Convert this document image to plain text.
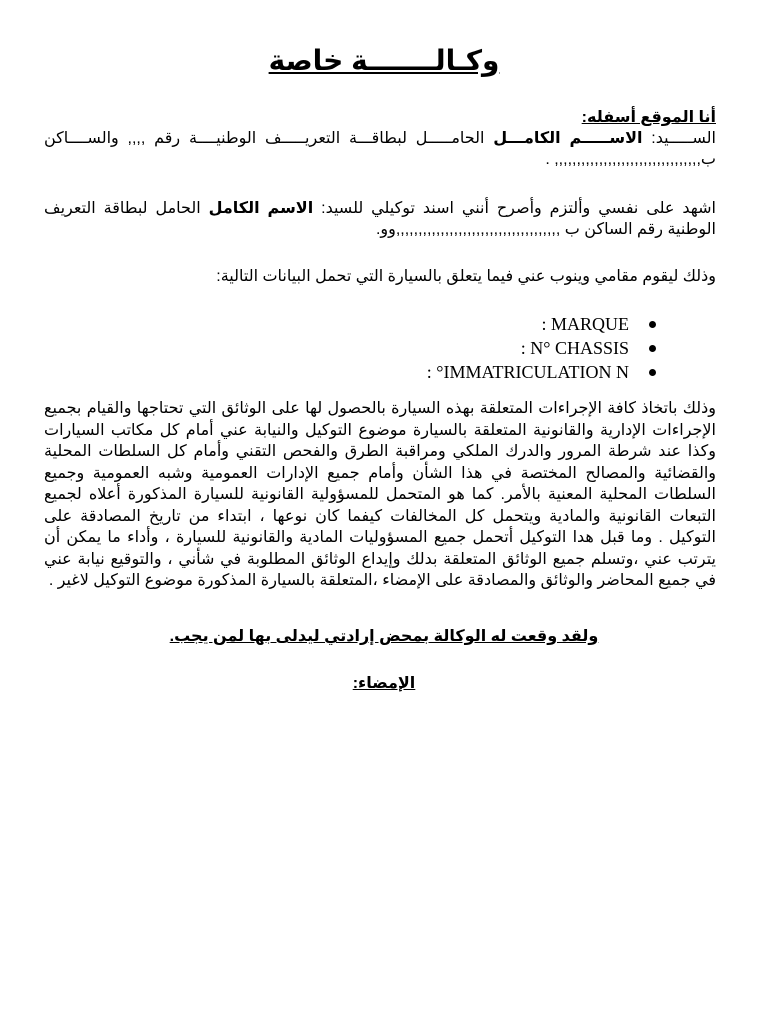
وكـالـــــــة خاصة

أنا الموقع أسفله:
الســـــيد: الاســـــم الكامـــل الحامـــــل لبطاقـــة التعريـــــف الوطنيــــة رقم ,,,, والســــاكن ب,,,,,,,,,,,,,,,,,,,,,,,,,,,,,,,,, .

اشهد على نفسي وألتزم وأصرح أنني اسند توكيلي للسيد: الاسم الكامل الحامل لبطاقة التعريف الوطنية رقم الساكن ب ,,,,,,,,,,,,,,,,,,,,,,,,,,,,,,,,,,,,,وو.

وذلك ليقوم مقامي وينوب عني فيما يتعلق بالسيارة التي تحمل البيانات التالية:

: MARQUE
: N° CHASSIS
: °IMMATRICULATION N

وذلك باتخاذ كافة الإجراءات المتعلقة بهذه السيارة بالحصول لها على الوثائق التي تحتاجها والقيام بجميع الإجراءات الإدارية والقانونية المتعلقة بالسيارة موضوع التوكيل والنيابة عني أمام كل مكاتب السيارات وكذا عند شرطة المرور والدرك الملكي ومراقبة الطرق والفحص التقني وأمام كل السلطات المحلية والقضائية والمصالح المختصة في هذا الشأن وأمام جميع الإدارات العمومية وشبه العمومية وجميع السلطات المحلية المعنية بالأمر. كما هو المتحمل للمسؤولية القانونية للسيارة المذكورة أعلاه لجميع التبعات القانونية والمادية ويتحمل كل المخالفات كيفما كان نوعها ، ابتداء من تاريخ المصادقة على التوكيل . وما قبل هدا التوكيل أتحمل جميع المسؤوليات المادية والقانونية للسيارة ، وأداء ما يمكن أن يترتب عني ،وتسلم جميع الوثائق المتعلقة بدلك وإيداع الوثائق المطلوبة في شأني ، والتوقيع نيابة عني في جميع المحاضر والوثائق والمصادقة على الإمضاء ،المتعلقة بالسيارة المذكورة موضوع التوكيل لاغير .

ولقد وقعت له الوكالة بمحض إرادتي ليدلى بها لمن يجب.

الإمضاء:
